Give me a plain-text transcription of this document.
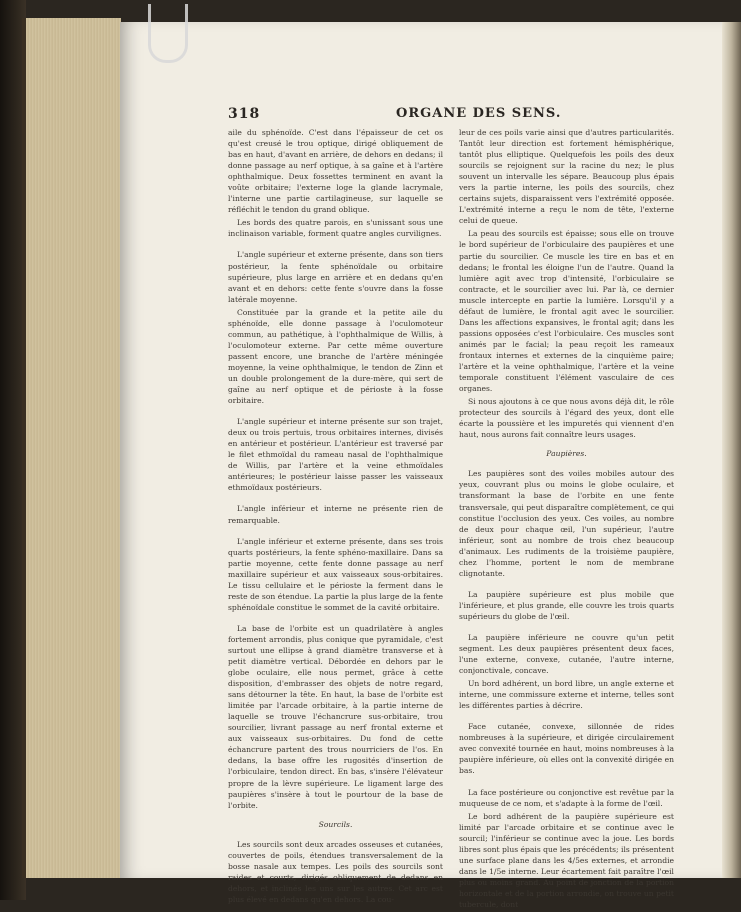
318	ORGANE DES SENS.

aile du sphénoïde. C'est dans l'épaisseur de cet os qu'est creusé le trou optique, dirigé obliquement de bas en haut, d'avant en arrière, de dehors en dedans; il donne passage au nerf optique, à sa gaîne et à l'artère ophthalmique. Deux fossettes terminent en avant la voûte orbitaire; l'externe loge la glande lacrymale, l'interne une partie cartilagineuse, sur laquelle se réfléchit le tendon du grand oblique.

Les bords des quatre parois, en s'unissant sous une inclinaison variable, forment quatre angles curvilignes.

L'angle supérieur et externe présente, dans son tiers postérieur, la fente sphénoïdale ou orbitaire supérieure, plus large en arrière et en dedans qu'en avant et en dehors: cette fente s'ouvre dans la fosse latérale moyenne.

Constituée par la grande et la petite aile du sphénoïde, elle donne passage à l'oculomoteur commun, au pathétique, à l'ophthalmique de Willis, à l'oculomoteur externe. Par cette même ouverture passent encore, une branche de l'artère méningée moyenne, la veine ophthalmique, le tendon de Zinn et un double prolongement de la dure-mère, qui sert de gaîne au nerf optique et de périoste à la fosse orbitaire.

L'angle supérieur et interne présente sur son trajet, deux ou trois pertuis, trous orbitaires internes, divisés en antérieur et postérieur. L'antérieur est traversé par le filet ethmoïdal du rameau nasal de l'ophthalmique de Willis, par l'artère et la veine ethmoïdales antérieures; le postérieur laisse passer les vaisseaux ethmoïdaux postérieurs.

L'angle inférieur et interne ne présente rien de remarquable.

L'angle inférieur et externe présente, dans ses trois quarts postérieurs, la fente sphéno-maxillaire. Dans sa partie moyenne, cette fente donne passage au nerf maxillaire supérieur et aux vaisseaux sous-orbitaires. Le tissu cellulaire et le périoste la ferment dans le reste de son étendue. La partie la plus large de la fente sphénoïdale constitue le sommet de la cavité orbitaire.

La base de l'orbite est un quadrilatère à angles fortement arrondis, plus conique que pyramidale, c'est surtout une ellipse à grand diamètre transverse et à petit diamètre vertical. Débordée en dehors par le globe oculaire, elle nous permet, grâce à cette disposition, d'embrasser des objets de notre regard, sans détourner la tête. En haut, la base de l'orbite est limitée par l'arcade orbitaire, à la partie interne de laquelle se trouve l'échancrure sus-orbitaire, trou sourcilier, livrant passage au nerf frontal externe et aux vaisseaux sus-orbitaires. Du fond de cette échancrure partent des trous nourriciers de l'os. En dedans, la base offre les rugosités d'insertion de l'orbiculaire, tendon direct. En bas, s'insère l'élévateur propre de la lèvre supérieure. Le ligament large des paupières s'insère à tout le pourtour de la base de l'orbite.

Sourcils.

Les sourcils sont deux arcades osseuses et cutanées, couvertes de poils, étendues transversalement de la bosse nasale aux tempes. Les poils des sourcils sont raides et courts, dirigés obliquement de dedans en dehors, et inclinés les uns sur les autres. Cet arc est plus élevé en dedans qu'en dehors. La cou-

leur de ces poils varie ainsi que d'autres particularités. Tantôt leur direction est fortement hémisphérique, tantôt plus elliptique. Quelquefois les poils des deux sourcils se rejoignent sur la racine du nez; le plus souvent un intervalle les sépare. Beaucoup plus épais vers la partie interne, les poils des sourcils, chez certains sujets, disparaissent vers l'extrémité opposée. L'extrémité interne a reçu le nom de tête, l'externe celui de queue.

La peau des sourcils est épaisse; sous elle on trouve le bord supérieur de l'orbiculaire des paupières et une partie du sourcilier. Ce muscle les tire en bas et en dedans; le frontal les éloigne l'un de l'autre. Quand la lumière agit avec trop d'intensité, l'orbiculaire se contracte, et le sourcilier avec lui. Par là, ce dernier muscle intercepte en partie la lumière. Lorsqu'il y a défaut de lumière, le frontal agit avec le sourcilier. Dans les affections expansives, le frontal agit; dans les passions opposées c'est l'orbiculaire. Ces muscles sont animés par le facial; la peau reçoit les rameaux frontaux internes et externes de la cinquième paire; l'artère et la veine ophthalmique, l'artère et la veine temporale constituent l'élément vasculaire de ces organes.

Si nous ajoutons à ce que nous avons déjà dit, le rôle protecteur des sourcils à l'égard des yeux, dont elle écarte la poussière et les impuretés qui viennent d'en haut, nous aurons fait connaître leurs usages.

Paupières.

Les paupières sont des voiles mobiles autour des yeux, couvrant plus ou moins le globe oculaire, et transformant la base de l'orbite en une fente transversale, qui peut disparaître complètement, ce qui constitue l'occlusion des yeux. Ces voiles, au nombre de deux pour chaque œil, l'un supérieur, l'autre inférieur, sont au nombre de trois chez beaucoup d'animaux. Les rudiments de la troisième paupière, chez l'homme, portent le nom de membrane clignotante.

La paupière supérieure est plus mobile que l'inférieure, et plus grande, elle couvre les trois quarts supérieurs du globe de l'œil.

La paupière inférieure ne couvre qu'un petit segment. Les deux paupières présentent deux faces, l'une externe, convexe, cutanée, l'autre interne, conjonctivale, concave.

Un bord adhérent, un bord libre, un angle externe et interne, une commissure externe et interne, telles sont les différentes parties à décrire.

Face cutanée, convexe, sillonnée de rides nombreuses à la supérieure, et dirigée circulairement avec convexité tournée en haut, moins nombreuses à la paupière inférieure, où elles ont la convexité dirigée en bas.

La face postérieure ou conjonctive est revêtue par la muqueuse de ce nom, et s'adapte à la forme de l'œil.

Le bord adhérent de la paupière supérieure est limité par l'arcade orbitaire et se continue avec le sourcil; l'inférieur se continue avec la joue. Les bords libres sont plus épais que les précédents; ils présentent une surface plane dans les 4/5es externes, et arrondie dans le 1/5e interne. Leur écartement fait paraître l'œil plus ou moins grand. Au point de jonction de la portion horizontale et de la portion arrondie, on trouve un petit tubercule, dont
